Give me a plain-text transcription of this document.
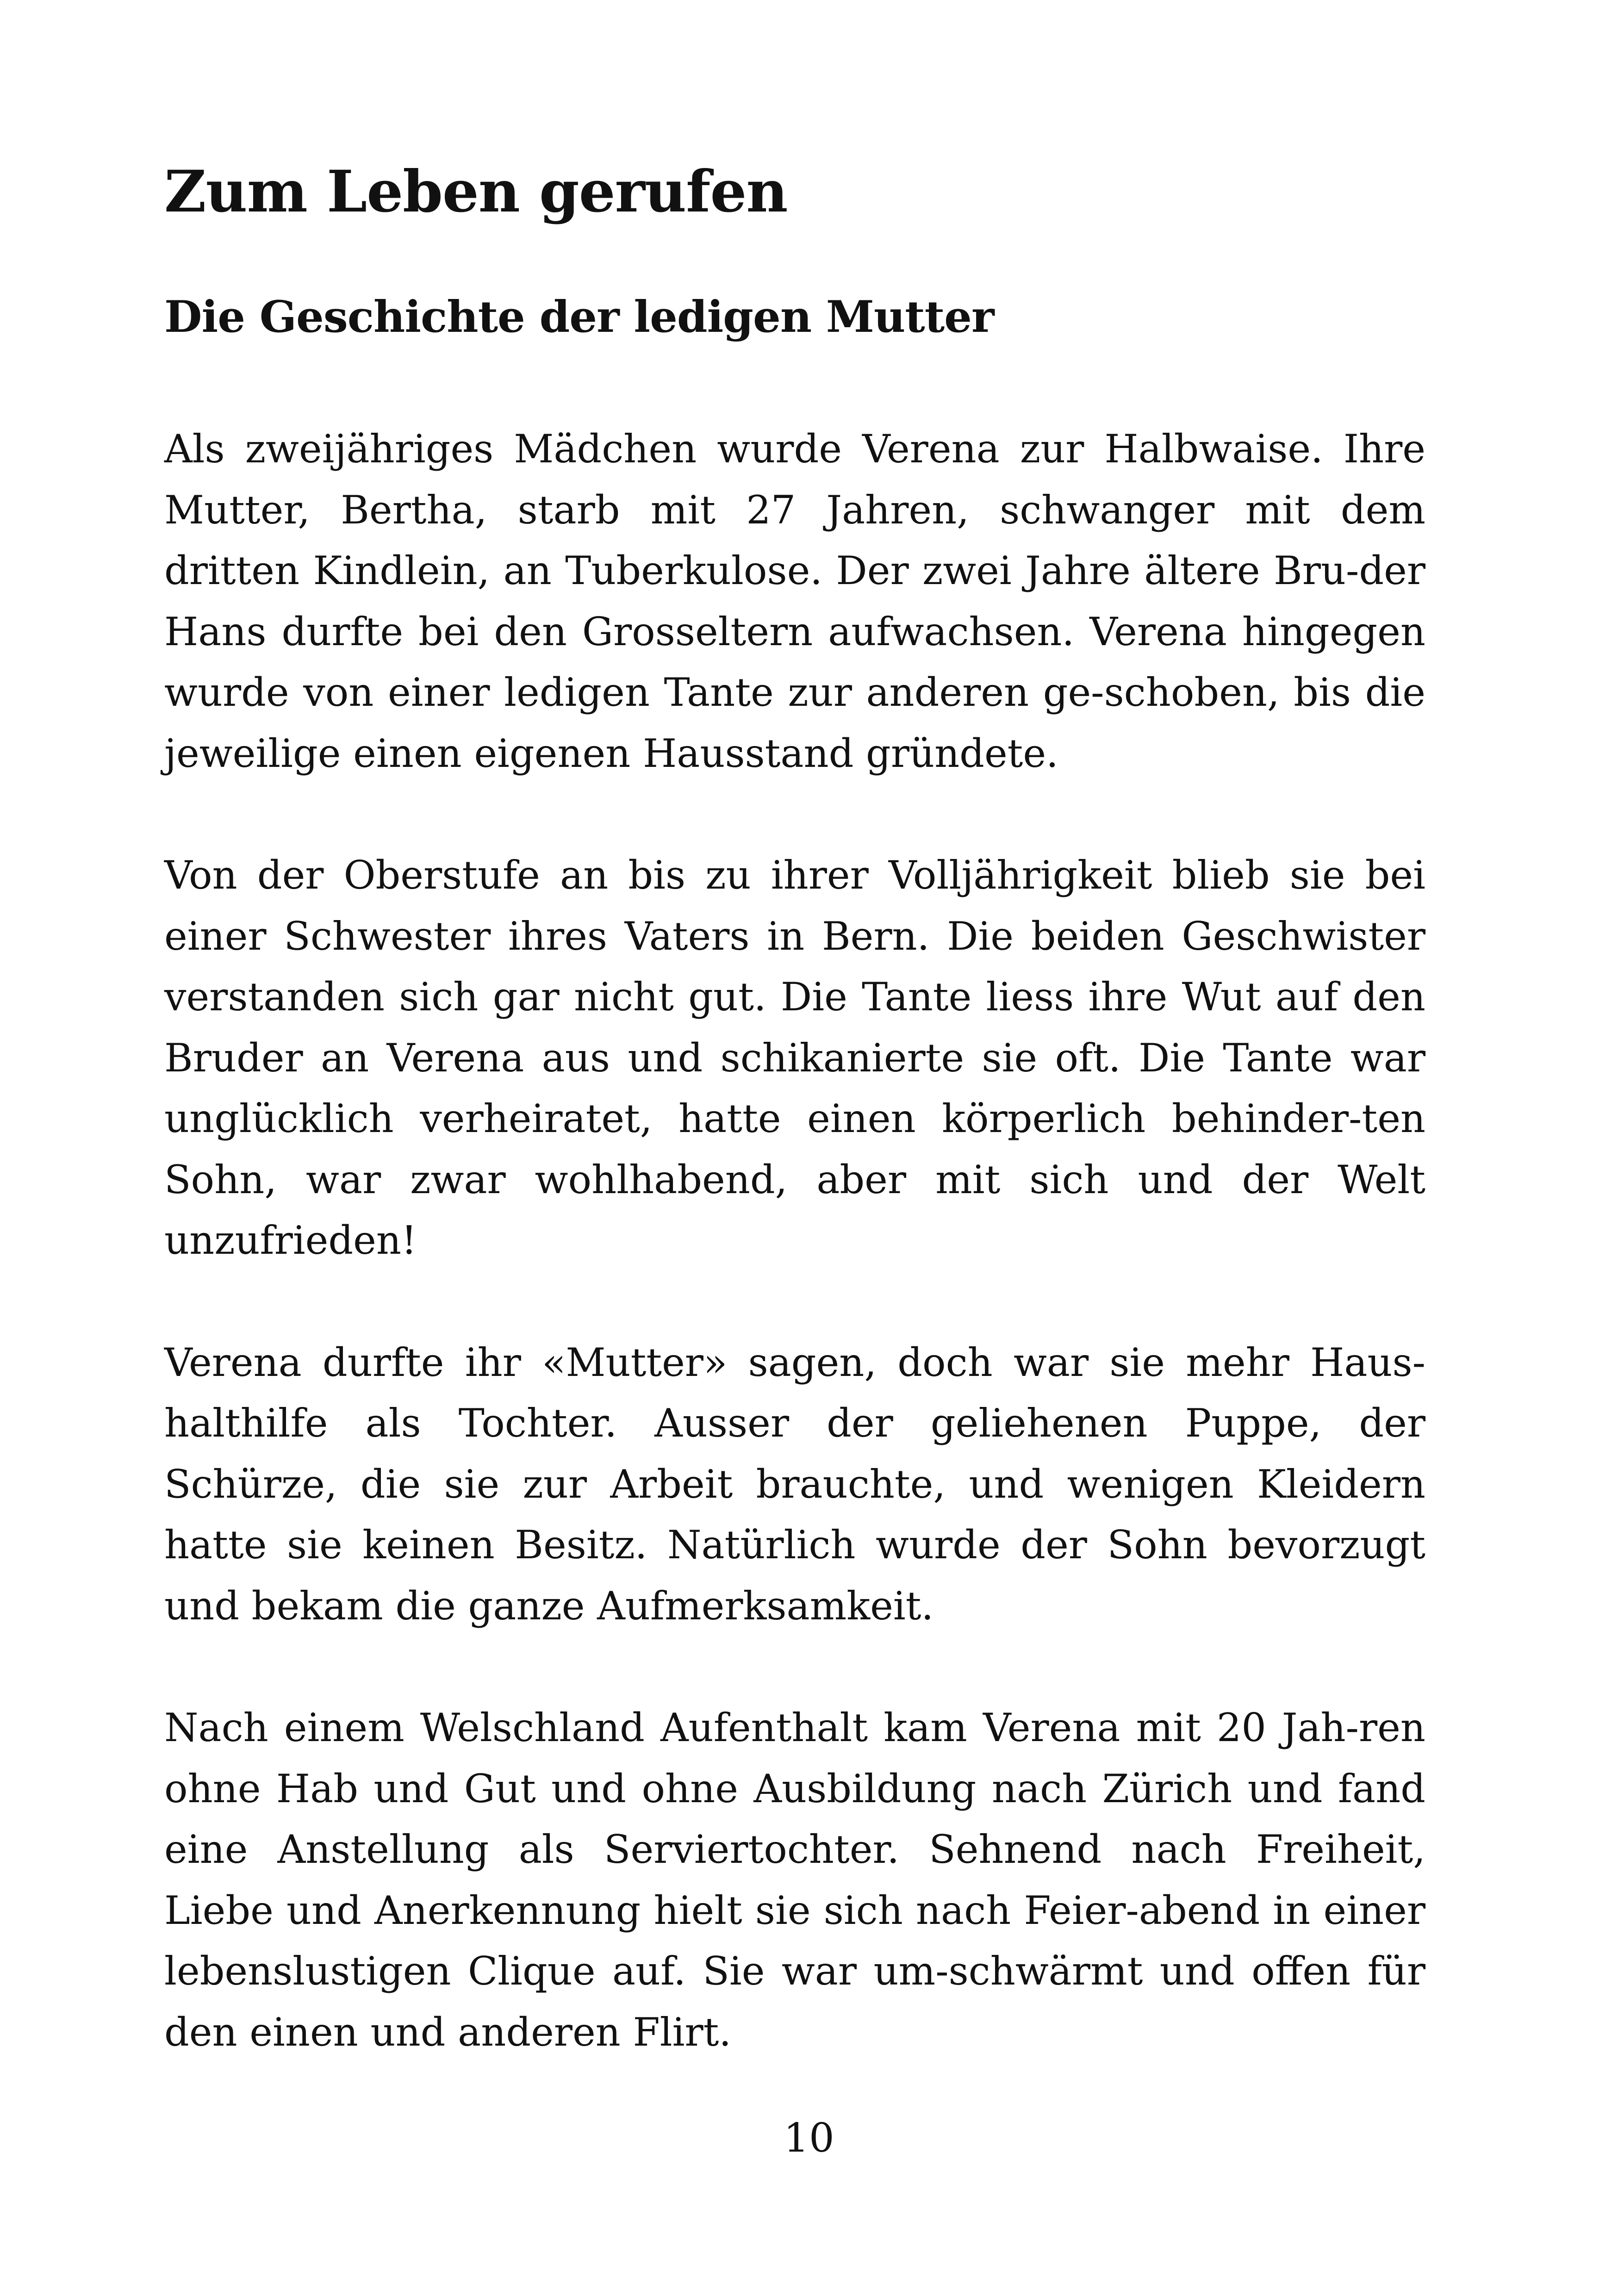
Zum Leben gerufen
Die Geschichte der ledigen Mutter

Als zweijähriges Mädchen wurde Verena zur Halbwaise. Ihre Mutter, Bertha, starb mit 27 Jahren, schwanger mit dem dritten Kindlein, an Tuberkulose. Der zwei Jahre ältere Bru-der Hans durfte bei den Grosseltern aufwachsen. Verena hingegen wurde von einer ledigen Tante zur anderen ge-schoben, bis die jeweilige einen eigenen Hausstand gründete.

Von der Oberstufe an bis zu ihrer Volljährigkeit blieb sie bei einer Schwester ihres Vaters in Bern. Die beiden Geschwister verstanden sich gar nicht gut. Die Tante liess ihre Wut auf den Bruder an Verena aus und schikanierte sie oft. Die Tante war unglücklich verheiratet, hatte einen körperlich behinder-ten Sohn, war zwar wohlhabend, aber mit sich und der Welt unzufrieden!

Verena durfte ihr «Mutter» sagen, doch war sie mehr Haus-halthilfe als Tochter. Ausser der geliehenen Puppe, der Schürze, die sie zur Arbeit brauchte, und wenigen Kleidern hatte sie keinen Besitz. Natürlich wurde der Sohn bevorzugt und bekam die ganze Aufmerksamkeit.

Nach einem Welschland Aufenthalt kam Verena mit 20 Jah-ren ohne Hab und Gut und ohne Ausbildung nach Zürich und fand eine Anstellung als Serviertochter. Sehnend nach Freiheit, Liebe und Anerkennung hielt sie sich nach Feier-abend in einer lebenslustigen Clique auf. Sie war um-schwärmt und offen für den einen und anderen Flirt.

10
